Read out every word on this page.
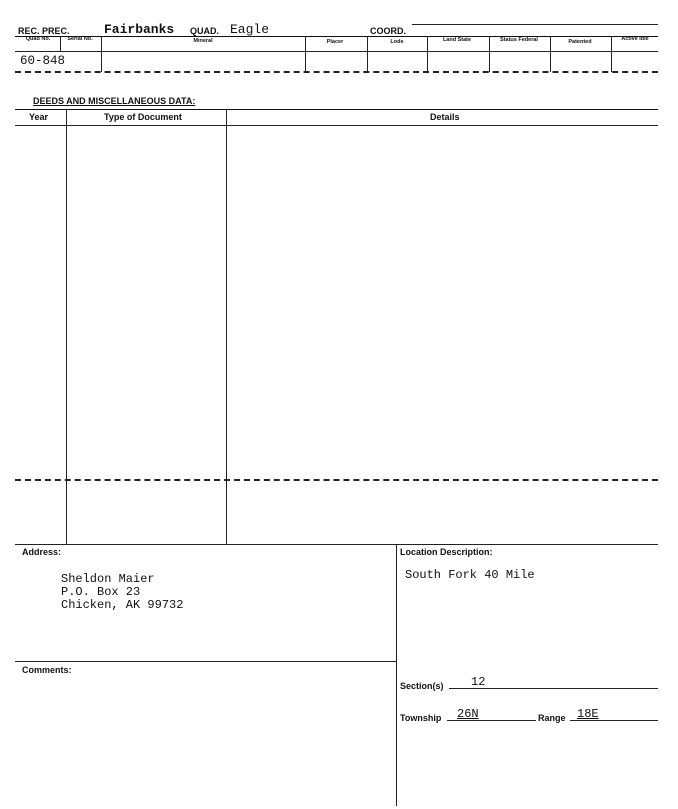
REC. PREC.	Fairbanks QUAD. Eagle	COORD.
Quad No.	Serial No.	Mineral	Placer	Lode	Land State	Status Federal	Patented	Active Idle
60-848
DEEDS AND MISCELLANEOUS DATA:
Year	Type of Document	Details
Address:
Sheldon Maier
P.O. Box 23
Chicken, AK 99732
Location Description:
South Fork 40 Mile
Comments:
Section(s) 12
Township 26N	Range 18E
